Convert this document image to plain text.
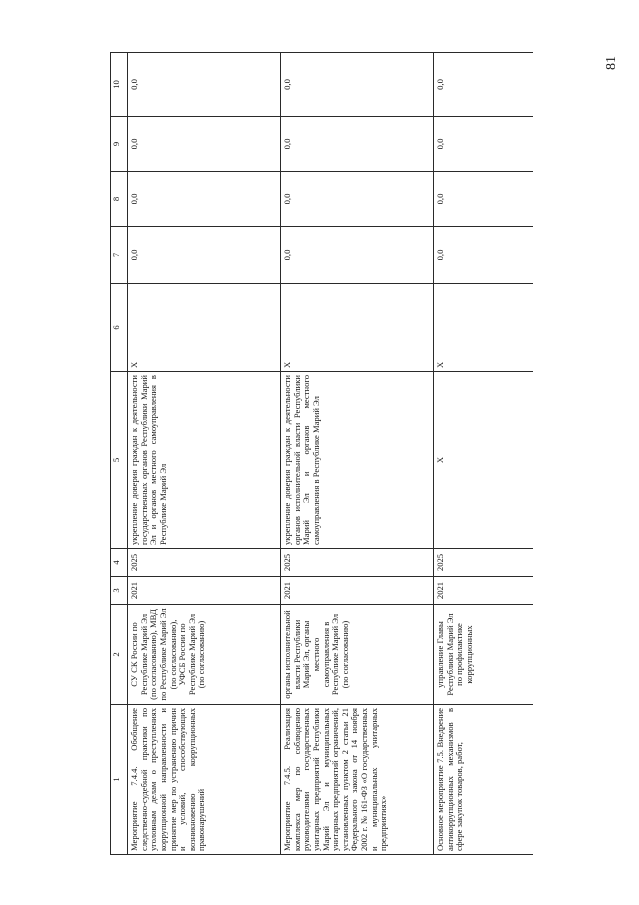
81
1	2	3	4	5	6	7	8	9	10
Мероприятие 7.4.4. Обобщение следственно-судебной практики по уголовным делам о преступлениях коррупционной направленности и принятие мер по устранению причин и условий, способствующих возникновению коррупционных правонарушений	СУ СК России по Республике Марий Эл (по согласованию), МВД по Республике Марий Эл (по согласованию), УФСБ России по Республике Марий Эл (по согласованию)	2021	2025	укрепление доверия граждан к деятельности государственных органов Республики Марий Эл и органов местного самоуправления в Республике Марий Эл	X	0,0	0,0	0,0	0,0
Мероприятие 7.4.5. Реализация комплекса мер по соблюдению руководителями государственных унитарных предприятий Республики Марий Эл и муниципальных унитарных предприятий ограничений, установленных пунктом 2 статьи 21 Федерального закона от 14 ноября 2002 г. № 161-ФЗ «О государственных и муниципальных унитарных предприятиях»	органы исполнительной власти Республики Марий Эл, органы местного самоуправления в Республике Марий Эл (по согласованию)	2021	2025	укрепление доверия граждан к деятельности органов исполнительной власти Республики Марий Эл и органов местного самоуправления в Республике Марий Эл	X	0,0	0,0	0,0	0,0
Основное мероприятие 7.5. Внедрение антикоррупционных механизмов в сфере закупок товаров, работ,	управление Главы Республики Марий Эл по профилактике коррупционных	2021	2025	X	X	0,0	0,0	0,0	0,0
